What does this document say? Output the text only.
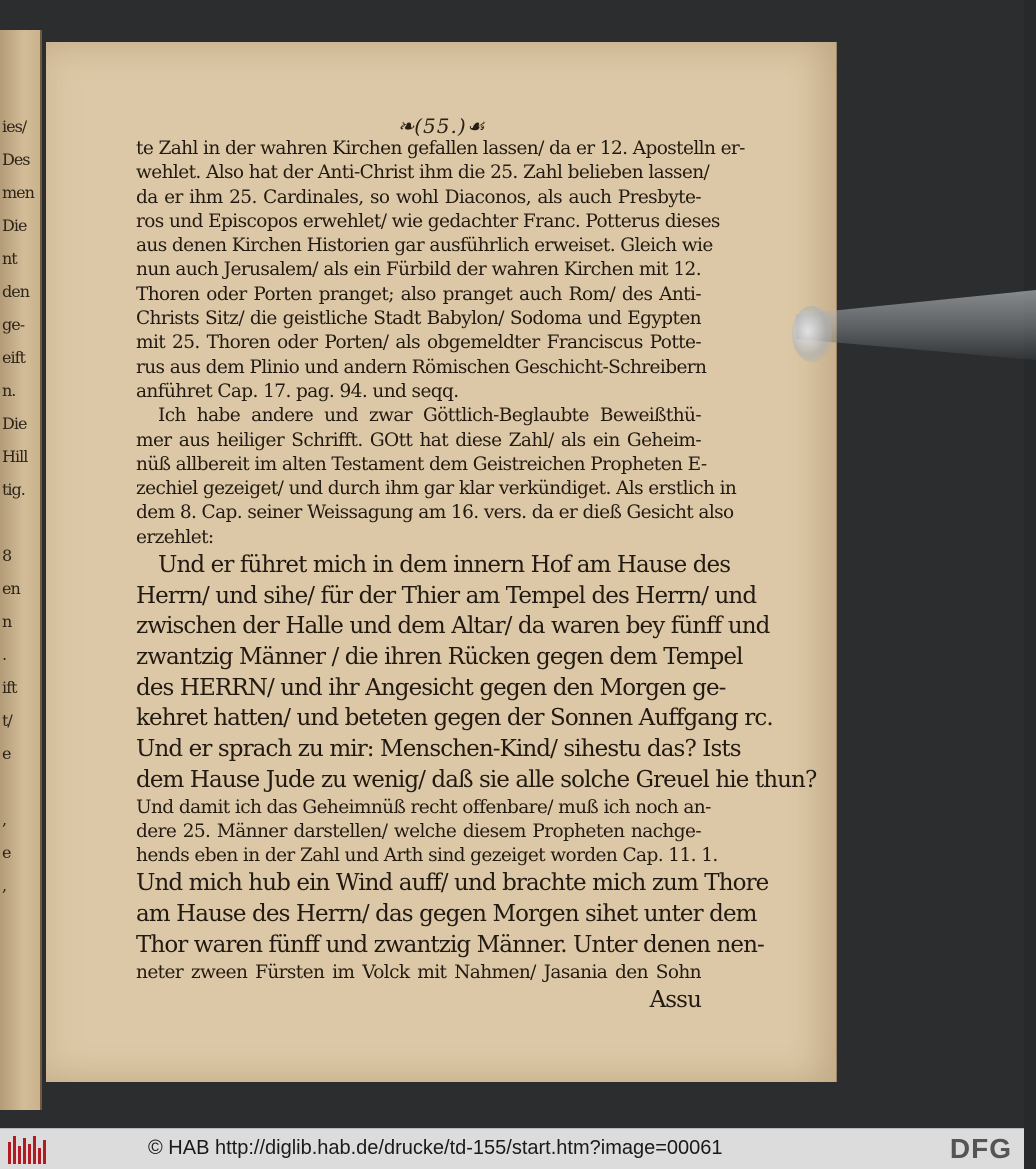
ies/
Des
men
Die
nt
den
ge-
eift
n.
Die
Hill
tig.

8
en
n
.
ift
t/
e

,
e
,
❧(55.)☙
te Zahl in der wahren Kirchen gefallen lassen/ da er 12. Apostelln er-
wehlet. Also hat der Anti-Christ ihm die 25. Zahl belieben lassen/
da er ihm 25. Cardinales, so wohl Diaconos, als auch Presbyte-
ros und Episcopos erwehlet/ wie gedachter Franc. Potterus dieses
aus denen Kirchen Historien gar ausführlich erweiset. Gleich wie
nun auch Jerusalem/ als ein Fürbild der wahren Kirchen mit 12.
Thoren oder Porten pranget; also pranget auch Rom/ des Anti-
Christs Sitz/ die geistliche Stadt Babylon/ Sodoma und Egypten
mit 25. Thoren oder Porten/ als obgemeldter Franciscus Potte-
rus aus dem Plinio und andern Römischen Geschicht-Schreibern
anführet Cap. 17. pag. 94. und seqq.
Ich habe andere und zwar Göttlich-Beglaubte Beweißthü-
mer aus heiliger Schrifft. GOtt hat diese Zahl/ als ein Geheim-
nüß allbereit im alten Testament dem Geistreichen Propheten E-
zechiel gezeiget/ und durch ihm gar klar verkündiget. Als erstlich in
dem 8. Cap. seiner Weissagung am 16. vers. da er dieß Gesicht also
erzehlet:
Und er führet mich in dem innern Hof am Hause des
Herrn/ und sihe/ für der Thier am Tempel des Herrn/ und
zwischen der Halle und dem Altar/ da waren bey fünff und
zwantzig Männer / die ihren Rücken gegen dem Tempel
des HERRN/ und ihr Angesicht gegen den Morgen ge-
kehret hatten/ und beteten gegen der Sonnen Auffgang rc.
Und er sprach zu mir: Menschen-Kind/ sihestu das? Ists
dem Hause Jude zu wenig/ daß sie alle solche Greuel hie thun?
Und damit ich das Geheimnüß recht offenbare/ muß ich noch an-
dere 25. Männer darstellen/ welche diesem Propheten nachge-
hends eben in der Zahl und Arth sind gezeiget worden Cap. 11. 1.
Und mich hub ein Wind auff/ und brachte mich zum Thore
am Hause des Herrn/ das gegen Morgen sihet unter dem
Thor waren fünff und zwantzig Männer. Unter denen nen-
neter zween Fürsten im Volck mit Nahmen/ Jasania den Sohn
Assu
© HAB http://diglib.hab.de/drucke/td-155/start.htm?image=00061	DFG
